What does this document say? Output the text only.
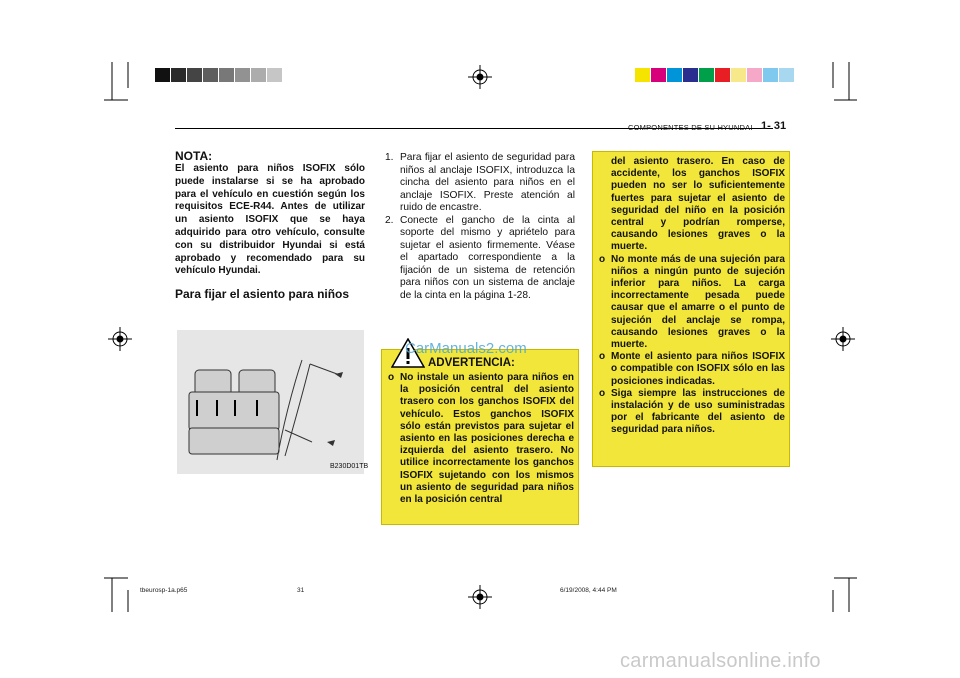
COMPONENTES DE SU HYUNDAI 1- 31
NOTA:

El asiento para niños ISOFIX sólo puede instalarse si se ha aprobado para el vehículo en cuestión según los requisitos ECE-R44. Antes de utilizar un asiento ISOFIX que se haya adquirido para otro vehículo, consulte con su distribuidor Hyundai si está aprobado y recomendado para su vehículo Hyundai.

Para fijar el asiento para niños
B230D01TB

1. Para fijar el asiento de seguridad para niños al anclaje ISOFIX, introduzca la cincha del asiento para niños en el anclaje ISOFIX. Preste atención al ruido de encastre.

2. Conecte el gancho de la cinta al soporte del mismo y apriételo para sujetar el asiento firmemente. Véase el apartado correspondiente a la fijación de un sistema de retención para niños con un sistema de anclaje de la cinta en la página 1-28.

ADVERTENCIA:

o No instale un asiento para niños en la posición central del asiento trasero con los ganchos ISOFIX del vehículo. Estos ganchos ISOFIX sólo están previstos para sujetar el asiento en las posiciones derecha e izquierda del asiento trasero. No utilice incorrectamente los ganchos ISOFIX sujetando con los mismos un asiento de seguridad para niños en la posición central

del asiento trasero. En caso de accidente, los ganchos ISOFIX pueden no ser lo suficientemente fuertes para sujetar el asiento de seguridad del niño en la posición central y podrían romperse, causando lesiones graves o la muerte.

o No monte más de una sujeción para niños a ningún punto de sujeción inferior para niños. La carga incorrectamente pesada puede causar que el amarre o el punto de sujeción del anclaje se rompa, causando lesiones graves o la muerte.

o Monte el asiento para niños ISOFIX o compatible con ISOFIX sólo en las posiciones indicadas.

o Siga siempre las instrucciones de instalación y de uso suministradas por el fabricante del asiento de seguridad para niños.

CarManuals2.com
carmanualsonline.info
tbeurosp-1a.p65	31	6/19/2008, 4:44 PM
